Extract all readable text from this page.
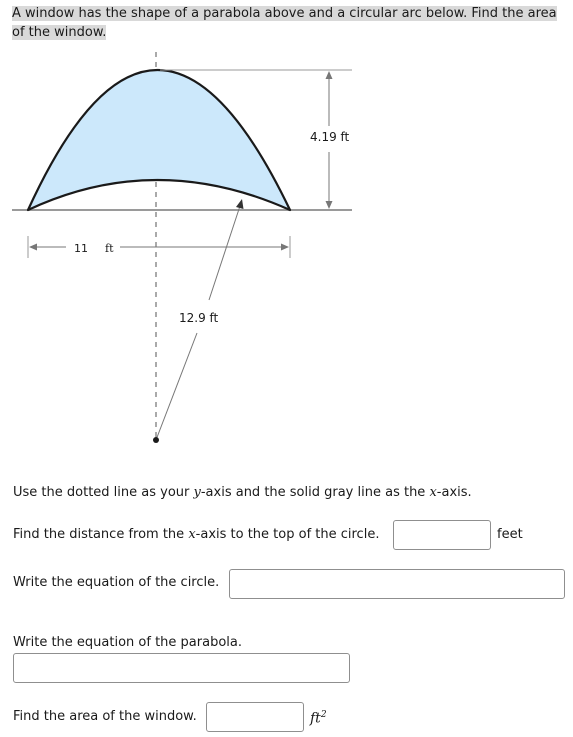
A window has the shape of a parabola above and a circular arc below. Find the area
of the window.

4.19 ft
11 ft
12.9 ft

Use the dotted line as your y-axis and the solid gray line as the x-axis.

Find the distance from the x-axis to the top of the circle.	feet

Write the equation of the circle.

Write the equation of the parabola.

Find the area of the window.	$ft^2$
